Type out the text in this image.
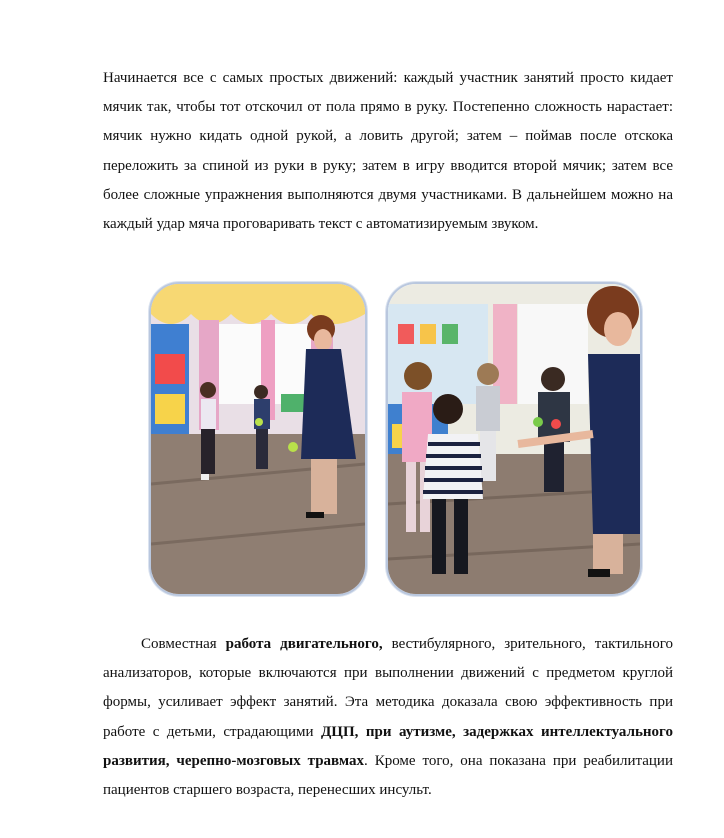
Начинается все с самых простых движений: каждый участник занятий просто кидает мячик так, чтобы тот отскочил от пола прямо в руку. Постепенно сложность нарастает: мячик нужно кидать одной рукой, а ловить другой; затем – поймав после отскока переложить за спиной из руки в руку; затем в игру вводится второй мячик; затем все более сложные упражнения выполняются двумя участниками. В дальнейшем можно на каждый удар мяча проговаривать текст с автоматизируемым звуком.

Совместная работа двигательного, вестибулярного, зрительного, тактильного анализаторов, которые включаются при выполнении движений с предметом круглой формы, усиливает эффект занятий. Эта методика доказала свою эффективность при работе с детьми, страдающими ДЦП, при аутизме, задержках интеллектуального развития, черепно-мозговых травмах. Кроме того, она показана при реабилитации пациентов старшего возраста, перенесших инсульт.
